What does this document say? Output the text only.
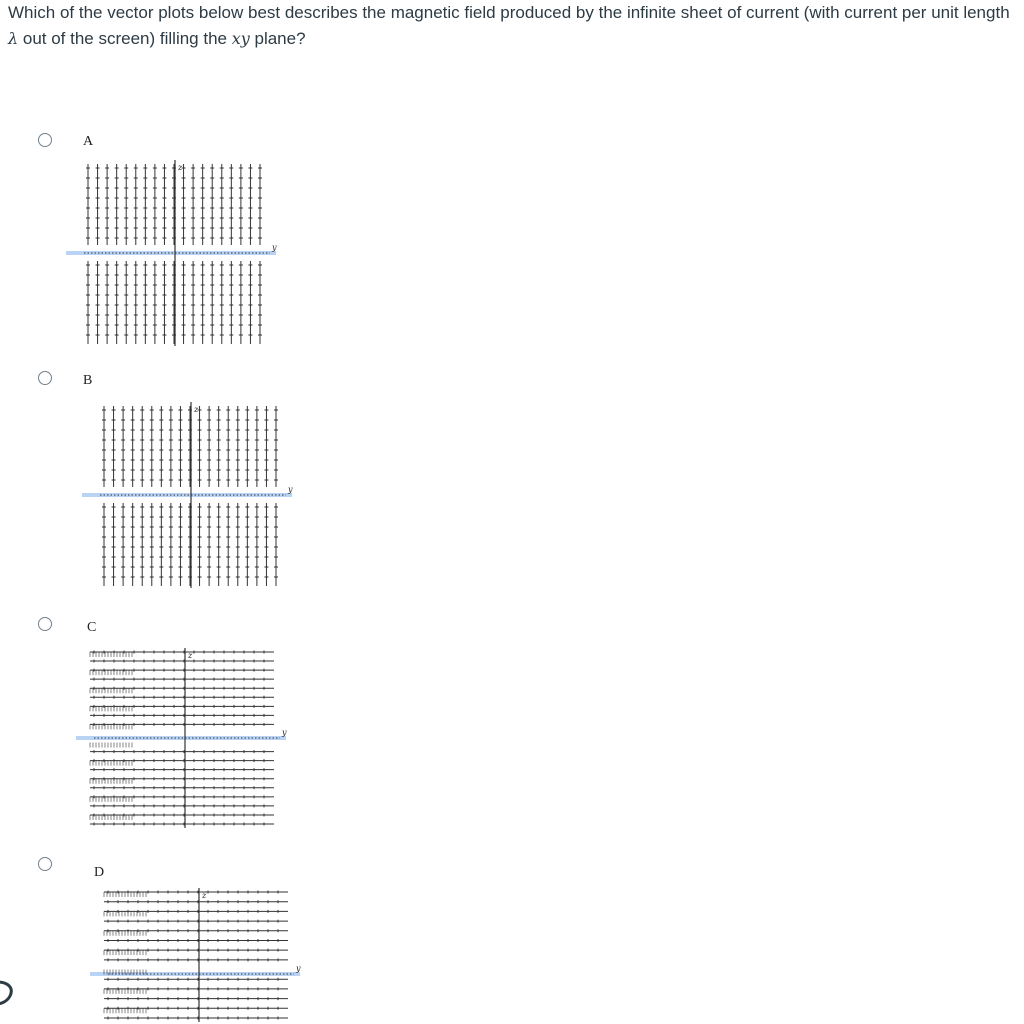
Which of the vector plots below best describes the magnetic field produced by the infinite sheet of current (with current per unit length λ out of the screen) filling the xy plane?
A
z
y
B
z
y
C
z
y
D
z
y
